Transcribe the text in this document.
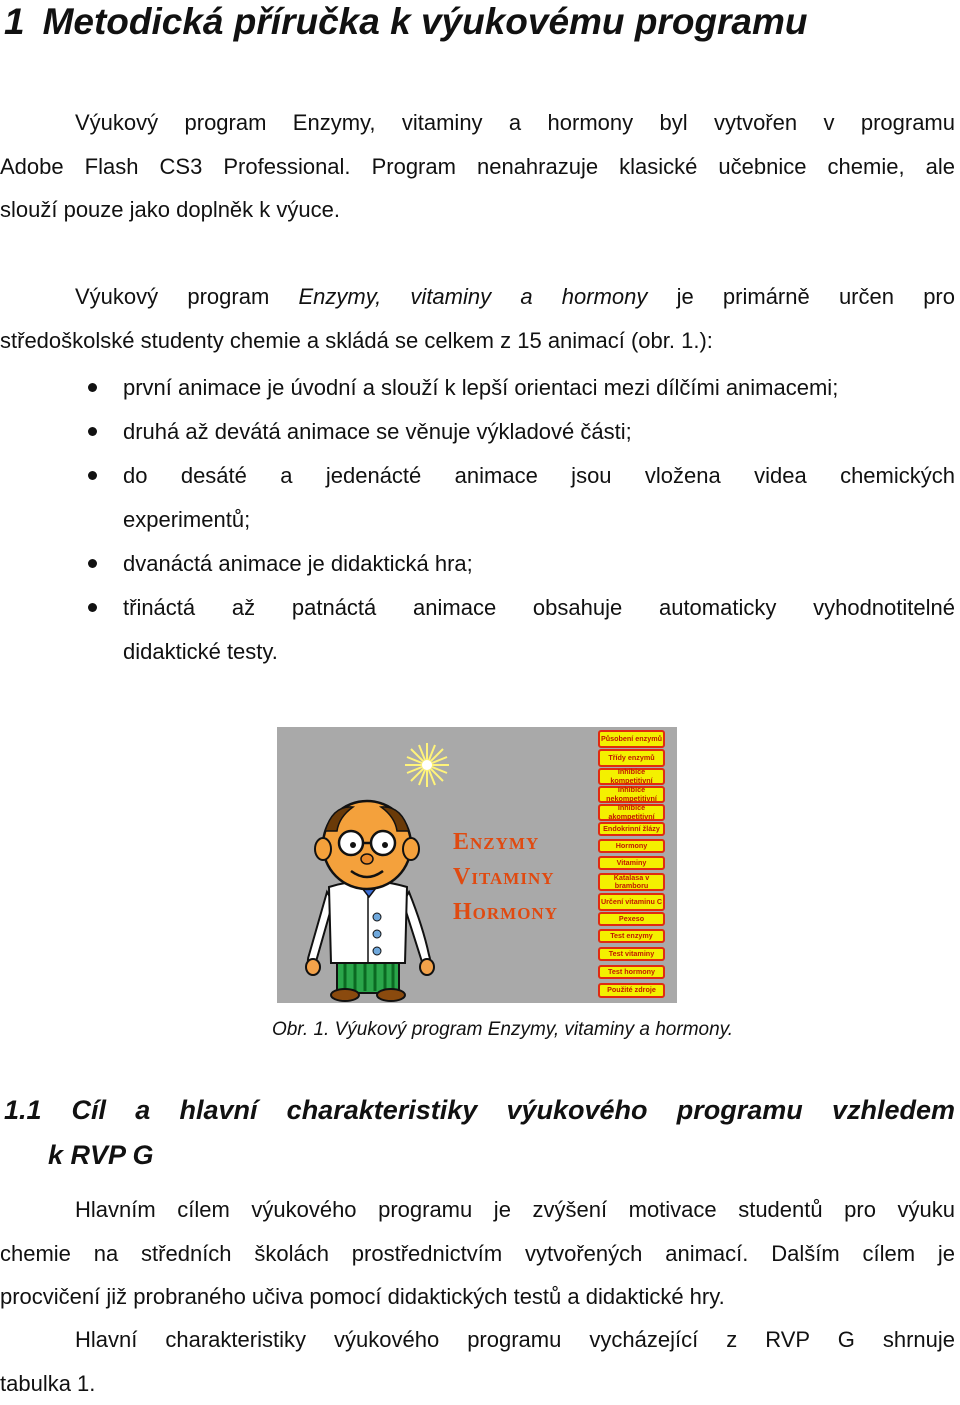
1 Metodická příručka k výukovému programu
Výukový program Enzymy, vitaminy a hormony byl vytvořen v programu
Adobe Flash CS3 Professional. Program nenahrazuje klasické učebnice chemie, ale
slouží pouze jako doplněk k výuce.
Výukový program Enzymy, vitaminy a hormony je primárně určen pro
středoškolské studenty chemie a skládá se celkem z 15 animací (obr. 1.):
první animace je úvodní a slouží k lepší orientaci mezi dílčími animacemi;
druhá až devátá animace se věnuje výkladové části;
do desáté a jedenácté animace jsou vložena videa chemických
experimentů;
dvanáctá animace je didaktická hra;
třináctá až patnáctá animace obsahuje automaticky vyhodnotitelné
didaktické testy.
Enzymy
Vitaminy
Hormony
Působení enzymů
Třídy enzymů
Inhibice kompetitivní
Inhibice nekompetitivní
Inhibice akompetitivní
Endokrinní žlázy
Hormony
Vitaminy
Katalasa v bramboru
Určení vitaminu C
Pexeso
Test enzymy
Test vitaminy
Test hormony
Použité zdroje
Obr. 1. Výukový program Enzymy, vitaminy a hormony.
1.1 Cíl a hlavní charakteristiky výukového programu vzhledem
k RVP G
Hlavním cílem výukového programu je zvýšení motivace studentů pro výuku
chemie na středních školách prostřednictvím vytvořených animací. Dalším cílem je
procvičení již probraného učiva pomocí didaktických testů a didaktické hry.
Hlavní charakteristiky výukového programu vycházející z RVP G shrnuje
tabulka 1.
